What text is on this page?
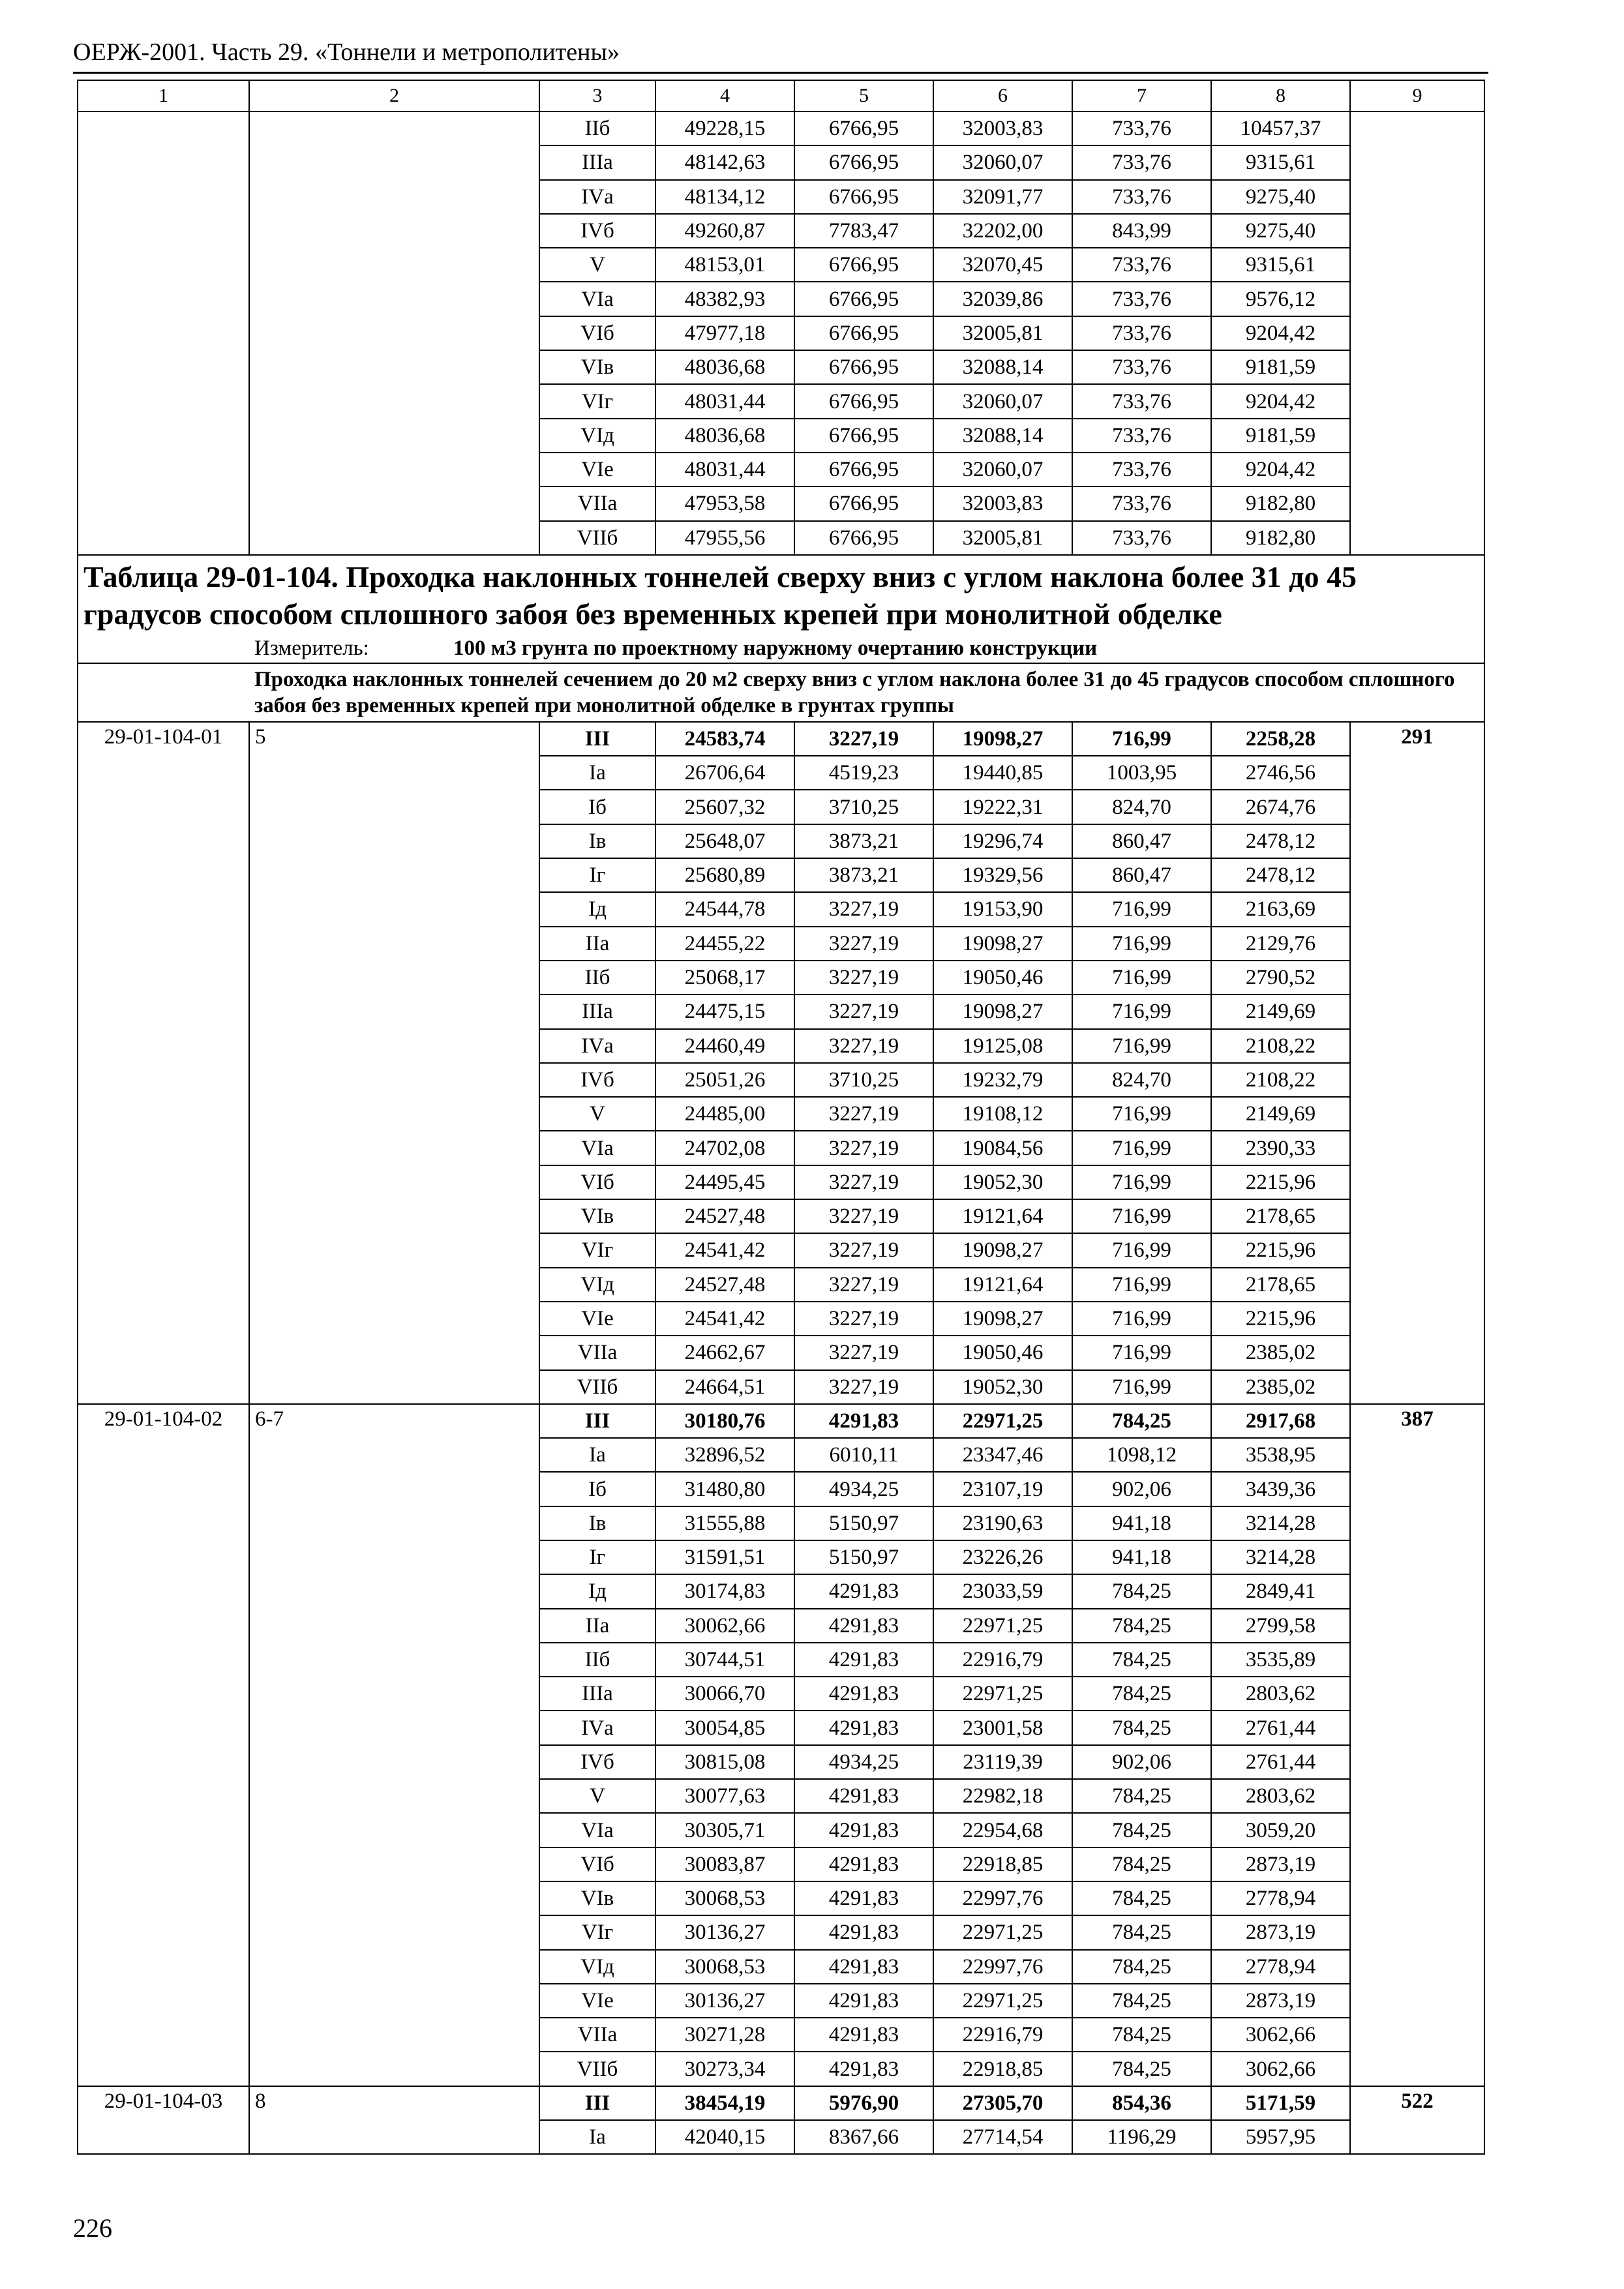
ОЕРЖ-2001. Часть 29. «Тоннели и метрополитены»
1	2	3	4	5	6	7	8	9
		IIб	49228,15	6766,95	32003,83	733,76	10457,37	
		IIIа	48142,63	6766,95	32060,07	733,76	9315,61	
		IVа	48134,12	6766,95	32091,77	733,76	9275,40	
		IVб	49260,87	7783,47	32202,00	843,99	9275,40	
		V	48153,01	6766,95	32070,45	733,76	9315,61	
		VIа	48382,93	6766,95	32039,86	733,76	9576,12	
		VIб	47977,18	6766,95	32005,81	733,76	9204,42	
		VIв	48036,68	6766,95	32088,14	733,76	9181,59	
		VIг	48031,44	6766,95	32060,07	733,76	9204,42	
		VIд	48036,68	6766,95	32088,14	733,76	9181,59	
		VIе	48031,44	6766,95	32060,07	733,76	9204,42	
		VIIа	47953,58	6766,95	32003,83	733,76	9182,80	
		VIIб	47955,56	6766,95	32005,81	733,76	9182,80	
Таблица 29-01-104. Проходка наклонных тоннелей сверху вниз с углом наклона более 31 до 45 градусов способом сплошного забоя без временных крепей при монолитной обделке								
Измеритель: 100 м3 грунта по проектному наружному очертанию конструкции								
Проходка наклонных тоннелей сечением до 20 м2 сверху вниз с углом наклона более 31 до 45 градусов способом сплошного забоя без временных крепей при монолитной обделке в грунтах группы								
29-01-104-01	5	III	24583,74	3227,19	19098,27	716,99	2258,28	291
		Iа	26706,64	4519,23	19440,85	1003,95	2746,56	
		Iб	25607,32	3710,25	19222,31	824,70	2674,76	
		Iв	25648,07	3873,21	19296,74	860,47	2478,12	
		Iг	25680,89	3873,21	19329,56	860,47	2478,12	
		Iд	24544,78	3227,19	19153,90	716,99	2163,69	
		IIа	24455,22	3227,19	19098,27	716,99	2129,76	
		IIб	25068,17	3227,19	19050,46	716,99	2790,52	
		IIIа	24475,15	3227,19	19098,27	716,99	2149,69	
		IVа	24460,49	3227,19	19125,08	716,99	2108,22	
		IVб	25051,26	3710,25	19232,79	824,70	2108,22	
		V	24485,00	3227,19	19108,12	716,99	2149,69	
		VIа	24702,08	3227,19	19084,56	716,99	2390,33	
		VIб	24495,45	3227,19	19052,30	716,99	2215,96	
		VIв	24527,48	3227,19	19121,64	716,99	2178,65	
		VIг	24541,42	3227,19	19098,27	716,99	2215,96	
		VIд	24527,48	3227,19	19121,64	716,99	2178,65	
		VIе	24541,42	3227,19	19098,27	716,99	2215,96	
		VIIа	24662,67	3227,19	19050,46	716,99	2385,02	
		VIIб	24664,51	3227,19	19052,30	716,99	2385,02	
29-01-104-02	6-7	III	30180,76	4291,83	22971,25	784,25	2917,68	387
		Iа	32896,52	6010,11	23347,46	1098,12	3538,95	
		Iб	31480,80	4934,25	23107,19	902,06	3439,36	
		Iв	31555,88	5150,97	23190,63	941,18	3214,28	
		Iг	31591,51	5150,97	23226,26	941,18	3214,28	
		Iд	30174,83	4291,83	23033,59	784,25	2849,41	
		IIа	30062,66	4291,83	22971,25	784,25	2799,58	
		IIб	30744,51	4291,83	22916,79	784,25	3535,89	
		IIIа	30066,70	4291,83	22971,25	784,25	2803,62	
		IVа	30054,85	4291,83	23001,58	784,25	2761,44	
		IVб	30815,08	4934,25	23119,39	902,06	2761,44	
		V	30077,63	4291,83	22982,18	784,25	2803,62	
		VIа	30305,71	4291,83	22954,68	784,25	3059,20	
		VIб	30083,87	4291,83	22918,85	784,25	2873,19	
		VIв	30068,53	4291,83	22997,76	784,25	2778,94	
		VIг	30136,27	4291,83	22971,25	784,25	2873,19	
		VIд	30068,53	4291,83	22997,76	784,25	2778,94	
		VIе	30136,27	4291,83	22971,25	784,25	2873,19	
		VIIа	30271,28	4291,83	22916,79	784,25	3062,66	
		VIIб	30273,34	4291,83	22918,85	784,25	3062,66	
29-01-104-03	8	III	38454,19	5976,90	27305,70	854,36	5171,59	522
		Iа	42040,15	8367,66	27714,54	1196,29	5957,95	
226
